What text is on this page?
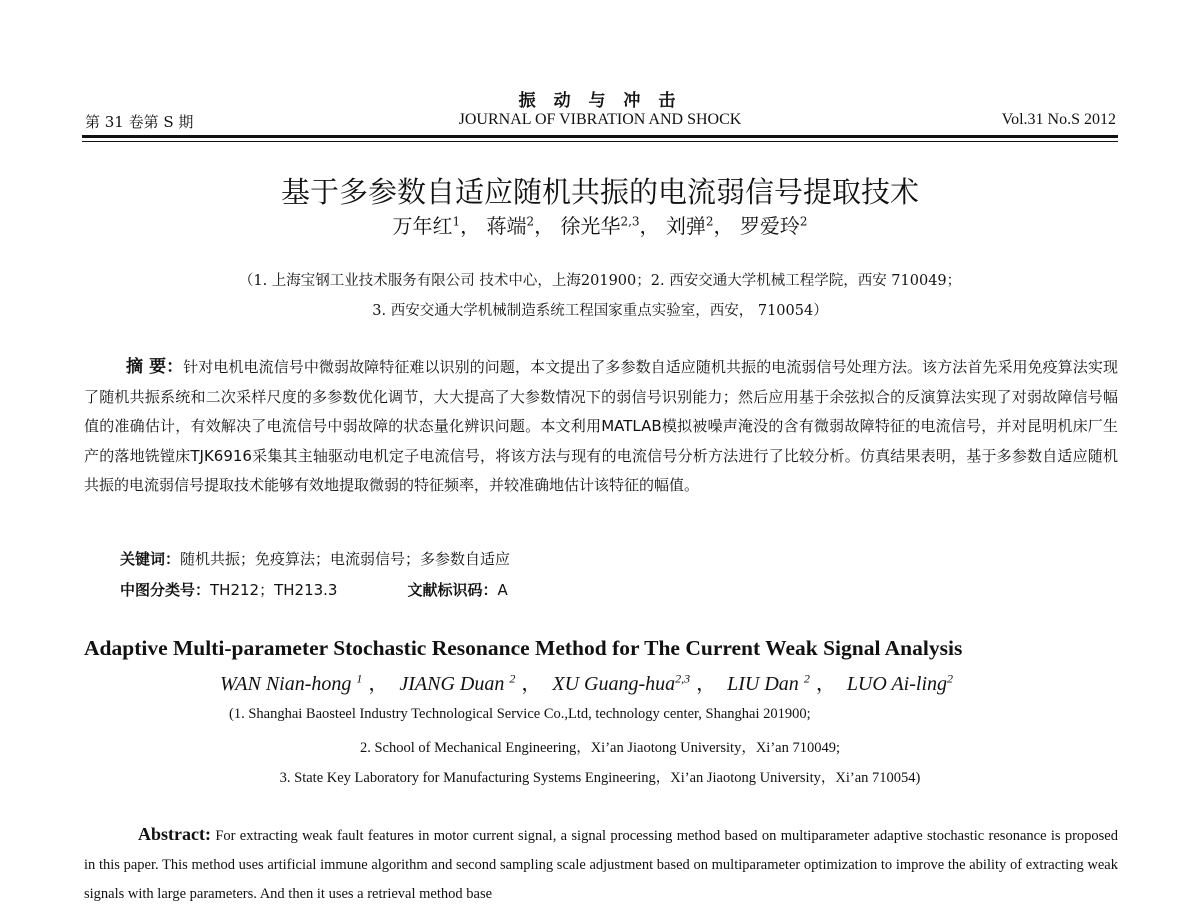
振 动 与 冲 击
第 31 卷第 S 期	JOURNAL OF VIBRATION AND SHOCK	Vol.31 No.S 2012
基于多参数自适应随机共振的电流弱信号提取技术
万年红$^1$， 蒋端$^2$， 徐光华$^{2,3}$， 刘弹$^2$， 罗爱玲$^2$
（1. 上海宝钢工业技术服务有限公司 技术中心，上海201900；2. 西安交通大学机械工程学院，西安 710049；
3. 西安交通大学机械制造系统工程国家重点实验室，西安， 710054）
摘 要：针对电机电流信号中微弱故障特征难以识别的问题，本文提出了多参数自适应随机共振的电流弱信号处理方法。该方法首先采用免疫算法实现了随机共振系统和二次采样尺度的多参数优化调节，大大提高了大参数情况下的弱信号识别能力；然后应用基于余弦拟合的反演算法实现了对弱故障信号幅值的准确估计，有效解决了电流信号中弱故障的状态量化辨识问题。本文利用MATLAB模拟被噪声淹没的含有微弱故障特征的电流信号，并对昆明机床厂生产的落地铣镗床TJK6916采集其主轴驱动电机定子电流信号，将该方法与现有的电流信号分析方法进行了比较分析。仿真结果表明，基于多参数自适应随机共振的电流弱信号提取技术能够有效地提取微弱的特征频率，并较准确地估计该特征的幅值。
关键词：随机共振；免疫算法；电流弱信号；多参数自适应
中图分类号：TH212；TH213.3	文献标识码：A
Adaptive Multi-parameter Stochastic Resonance Method for The Current Weak Signal Analysis
WAN Nian-hong $^1$ ， JIANG Duan $^2$ ， XU Guang-hua$^{2,3}$ ， LIU Dan $^2$ ， LUO Ai-ling$^2$
(1. Shanghai Baosteel Industry Technological Service Co.,Ltd, technology center, Shanghai 201900;
2. School of Mechanical Engineering，Xi’an Jiaotong University，Xi’an 710049;
3. State Key Laboratory for Manufacturing Systems Engineering，Xi’an Jiaotong University，Xi’an 710054)
Abstract: For extracting weak fault features in motor current signal, a signal processing method based on multiparameter adaptive stochastic resonance is proposed in this paper. This method uses artificial immune algorithm and second sampling scale adjustment based on multiparameter optimization to improve the ability of extracting weak signals with large parameters. And then it uses a retrieval method base
